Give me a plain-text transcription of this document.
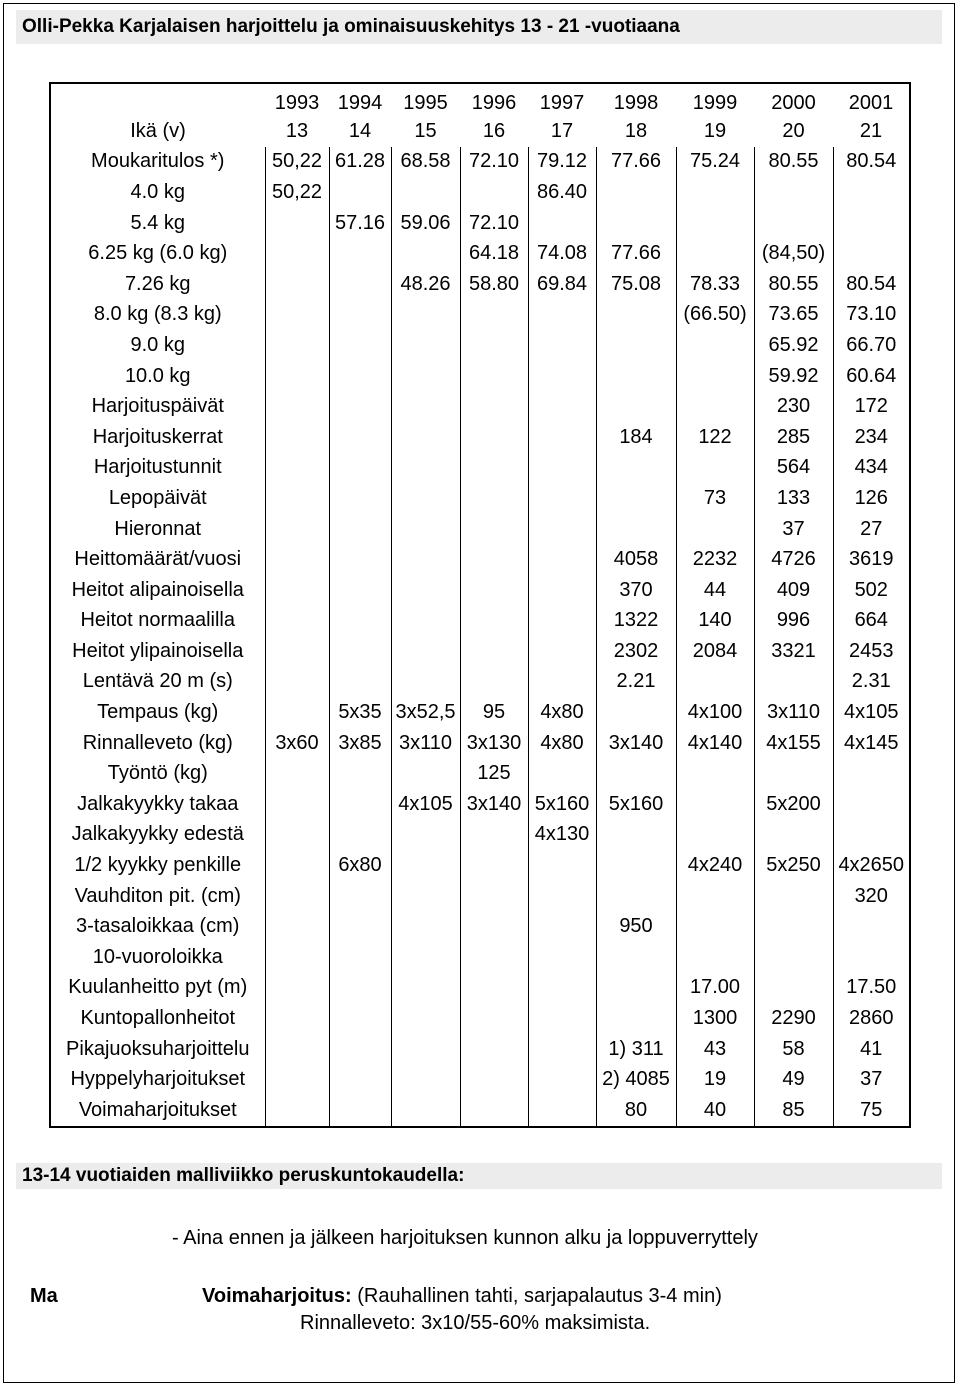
Olli-Pekka Karjalaisen harjoittelu ja ominaisuuskehitys 13 - 21 -vuotiaana
	1993	1994	1995	1996	1997	1998	1999	2000	2001
Ikä (v)	13	14	15	16	17	18	19	20	21
Moukaritulos *)	50,22	61.28	68.58	72.10	79.12	77.66	75.24	80.55	80.54
4.0 kg	50,22				86.40				
5.4 kg		57.16	59.06	72.10					
6.25 kg (6.0 kg)				64.18	74.08	77.66		(84,50)	
7.26 kg			48.26	58.80	69.84	75.08	78.33	80.55	80.54
8.0 kg (8.3 kg)							(66.50)	73.65	73.10
9.0 kg								65.92	66.70
10.0 kg								59.92	60.64
Harjoituspäivät								230	172
Harjoituskerrat						184	122	285	234
Harjoitustunnit								564	434
Lepopäivät							73	133	126
Hieronnat								37	27
Heittomäärät/vuosi						4058	2232	4726	3619
Heitot alipainoisella						370	44	409	502
Heitot normaalilla						1322	140	996	664
Heitot ylipainoisella						2302	2084	3321	2453
Lentävä 20 m (s)						2.21			2.31
Tempaus (kg)		5x35	3x52,5	95	4x80		4x100	3x110	4x105
Rinnalleveto (kg)	3x60	3x85	3x110	3x130	4x80	3x140	4x140	4x155	4x145
Työntö (kg)				125					
Jalkakyykky takaa			4x105	3x140	5x160	5x160		5x200	
Jalkakyykky edestä					4x130				
1/2 kyykky penkille		6x80					4x240	5x250	4x2650
Vauhditon pit. (cm)									320
3-tasaloikkaa (cm)						950			
10-vuoroloikka									
Kuulanheitto pyt (m)							17.00		17.50
Kuntopallonheitot							1300	2290	2860
Pikajuoksuharjoittelu						1) 311	43	58	41
Hyppelyharjoitukset						2) 4085	19	49	37
Voimaharjoitukset						80	40	85	75
13-14 vuotiaiden malliviikko peruskuntokaudella:
- Aina ennen ja jälkeen harjoituksen kunnon alku ja loppuverryttely
Ma	Voimaharjoitus: (Rauhallinen tahti, sarjapalautus 3-4 min)
Rinnalleveto: 3x10/55-60% maksimista.
